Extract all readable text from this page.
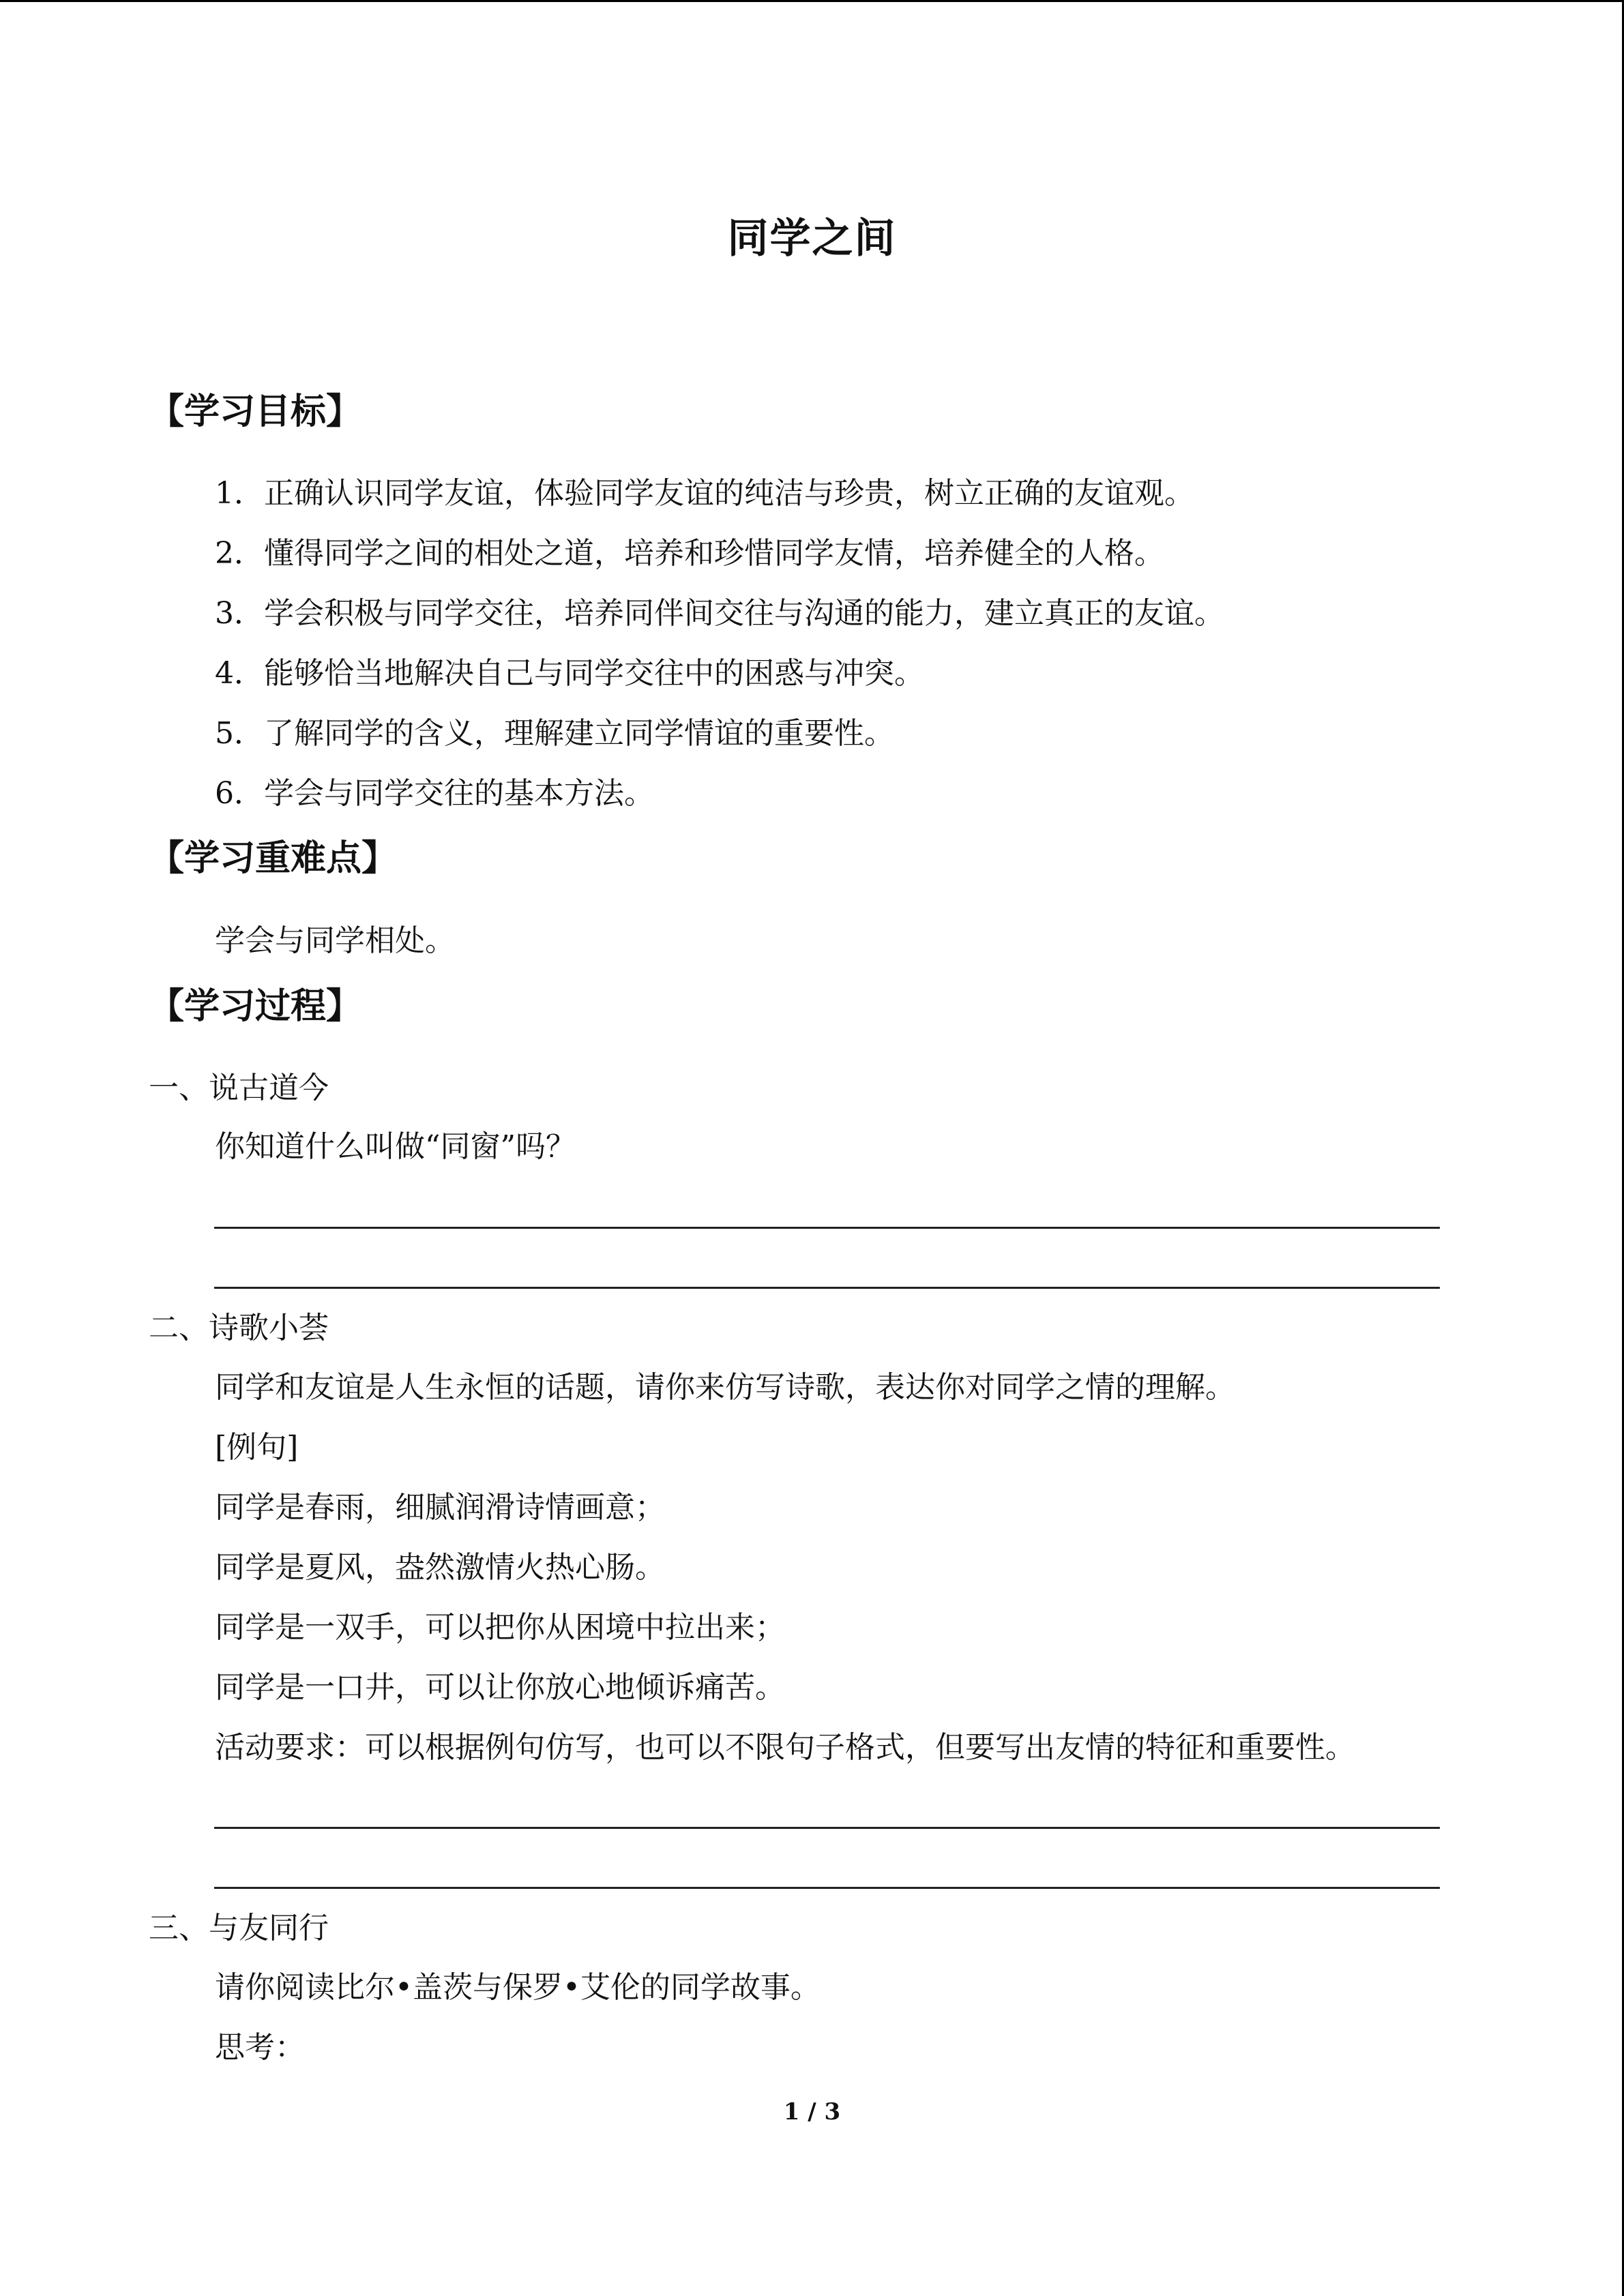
同学之间
【学习目标】
1．正确认识同学友谊，体验同学友谊的纯洁与珍贵，树立正确的友谊观。
2．懂得同学之间的相处之道，培养和珍惜同学友情，培养健全的人格。
3．学会积极与同学交往，培养同伴间交往与沟通的能力，建立真正的友谊。
4．能够恰当地解决自己与同学交往中的困惑与冲突。
5．了解同学的含义，理解建立同学情谊的重要性。
6．学会与同学交往的基本方法。
【学习重难点】
学会与同学相处。
【学习过程】
一、说古道今
你知道什么叫做“同窗”吗？
二、诗歌小荟
同学和友谊是人生永恒的话题，请你来仿写诗歌，表达你对同学之情的理解。
[例句]
同学是春雨，细腻润滑诗情画意；
同学是夏风，盎然激情火热心肠。
同学是一双手，可以把你从困境中拉出来；
同学是一口井，可以让你放心地倾诉痛苦。
活动要求：可以根据例句仿写，也可以不限句子格式，但要写出友情的特征和重要性。
三、与友同行
请你阅读比尔•盖茨与保罗•艾伦的同学故事。
思考：
1 / 3
